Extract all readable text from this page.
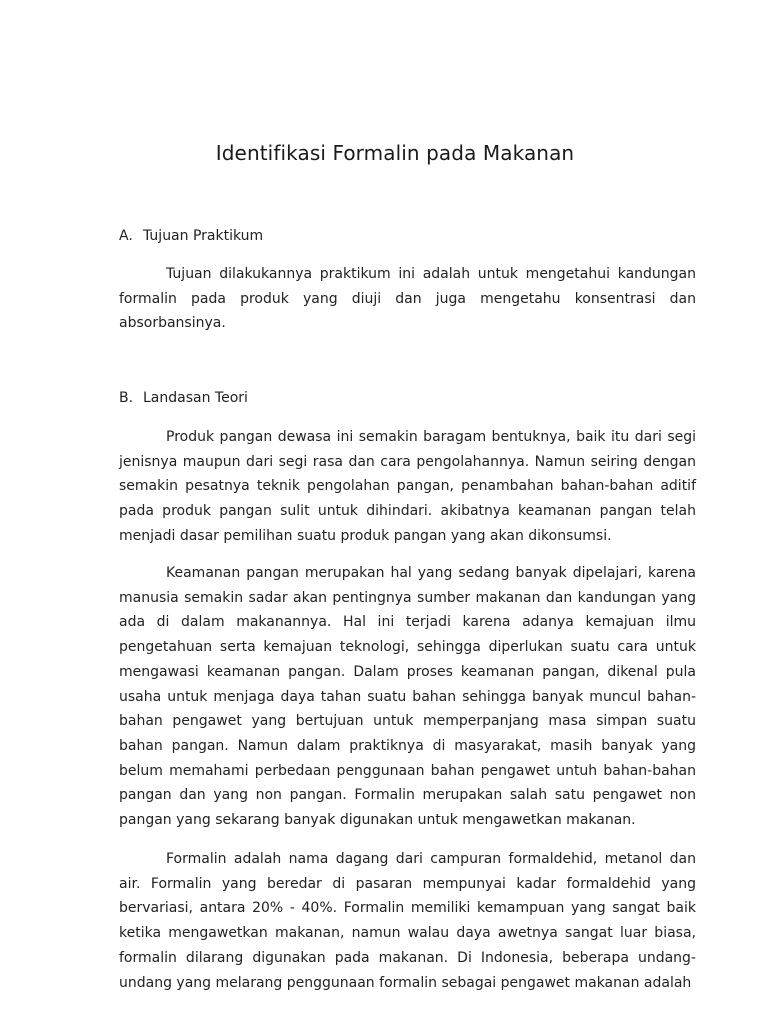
Identifikasi Formalin pada Makanan
A. Tujuan Praktikum

Tujuan dilakukannya praktikum ini adalah untuk mengetahui kandungan formalin pada produk yang diuji dan juga mengetahu konsentrasi dan absorbansinya.

B. Landasan Teori

Produk pangan dewasa ini semakin baragam bentuknya, baik itu dari segi jenisnya maupun dari segi rasa dan cara pengolahannya. Namun seiring dengan semakin pesatnya teknik pengolahan pangan, penambahan bahan-bahan aditif pada produk pangan sulit untuk dihindari. akibatnya keamanan pangan telah menjadi dasar pemilihan suatu produk pangan yang akan dikonsumsi.

Keamanan pangan merupakan hal yang sedang banyak dipelajari, karena manusia semakin sadar akan pentingnya sumber makanan dan kandungan yang ada di dalam makanannya. Hal ini terjadi karena adanya kemajuan ilmu pengetahuan serta kemajuan teknologi, sehingga diperlukan suatu cara untuk mengawasi keamanan pangan. Dalam proses keamanan pangan, dikenal pula usaha untuk menjaga daya tahan suatu bahan sehingga banyak muncul bahan-bahan pengawet yang bertujuan untuk memperpanjang masa simpan suatu bahan pangan. Namun dalam praktiknya di masyarakat, masih banyak yang belum memahami perbedaan penggunaan bahan pengawet untuh bahan-bahan pangan dan yang non pangan. Formalin merupakan salah satu pengawet non pangan yang sekarang banyak digunakan untuk mengawetkan makanan.

Formalin adalah nama dagang dari campuran formaldehid, metanol dan air. Formalin yang beredar di pasaran mempunyai kadar formaldehid yang bervariasi, antara 20% - 40%. Formalin memiliki kemampuan yang sangat baik ketika mengawetkan makanan, namun walau daya awetnya sangat luar biasa, formalin dilarang digunakan pada makanan. Di Indonesia, beberapa undang-undang yang melarang penggunaan formalin sebagai pengawet makanan adalah
